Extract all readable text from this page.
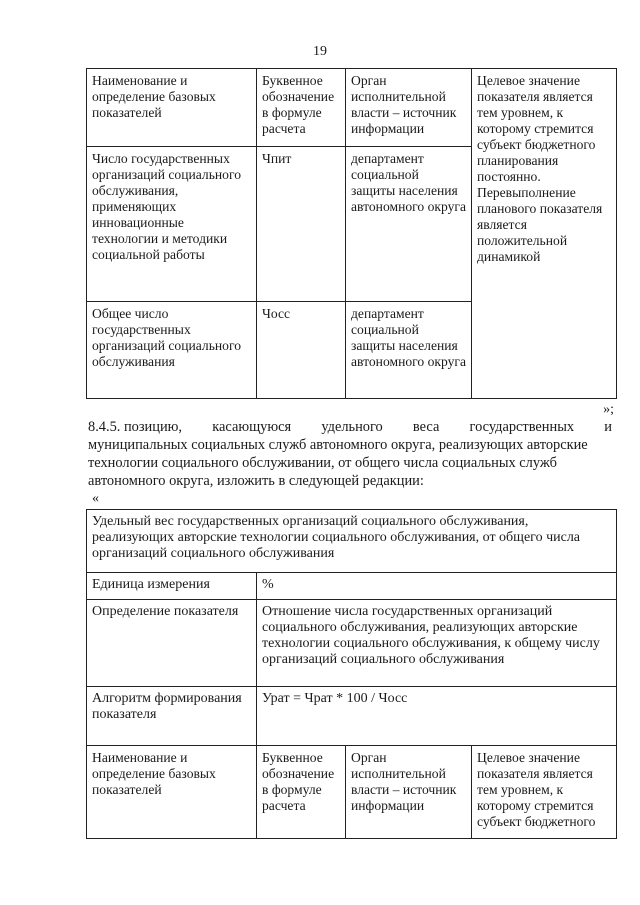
19
Наименование и определение базовых показателей	Буквенное обозначение в формуле расчета	Орган исполнительной власти – источник информации	Целевое значение показателя является тем уровнем, к которому стремится субъект бюджетного планирования постоянно. Перевыполнение планового показателя является положительной динамикой
Число государственных организаций социального обслуживания, применяющих инновационные технологии и методики социальной работы	Чпит	департамент социальной защиты населения автономного округа	
Общее число государственных организаций социального обслуживания	Чосс	департамент социальной защиты населения автономного округа	
»;
8.4.5. позицию, касающуюся удельного веса государственных и
муниципальных социальных служб автономного округа, реализующих авторские
технологии социального обслуживании, от общего числа социальных служб
автономного округа, изложить в следующей редакции:
«
Удельный вес государственных организаций социального обслуживания, реализующих авторские технологии социального обслуживания, от общего числа организаций социального обслуживания			
Единица измерения	%		
Определение показателя	Отношение числа государственных организаций социального обслуживания, реализующих авторские технологии социального обслуживания, к общему числу организаций социального обслуживания		
Алгоритм формирования показателя	Урат = Чрат * 100 / Чосс		
Наименование и определение базовых показателей	Буквенное обозначение в формуле расчета	Орган исполнительной власти – источник информации	Целевое значение показателя является тем уровнем, к которому стремится субъект бюджетного
